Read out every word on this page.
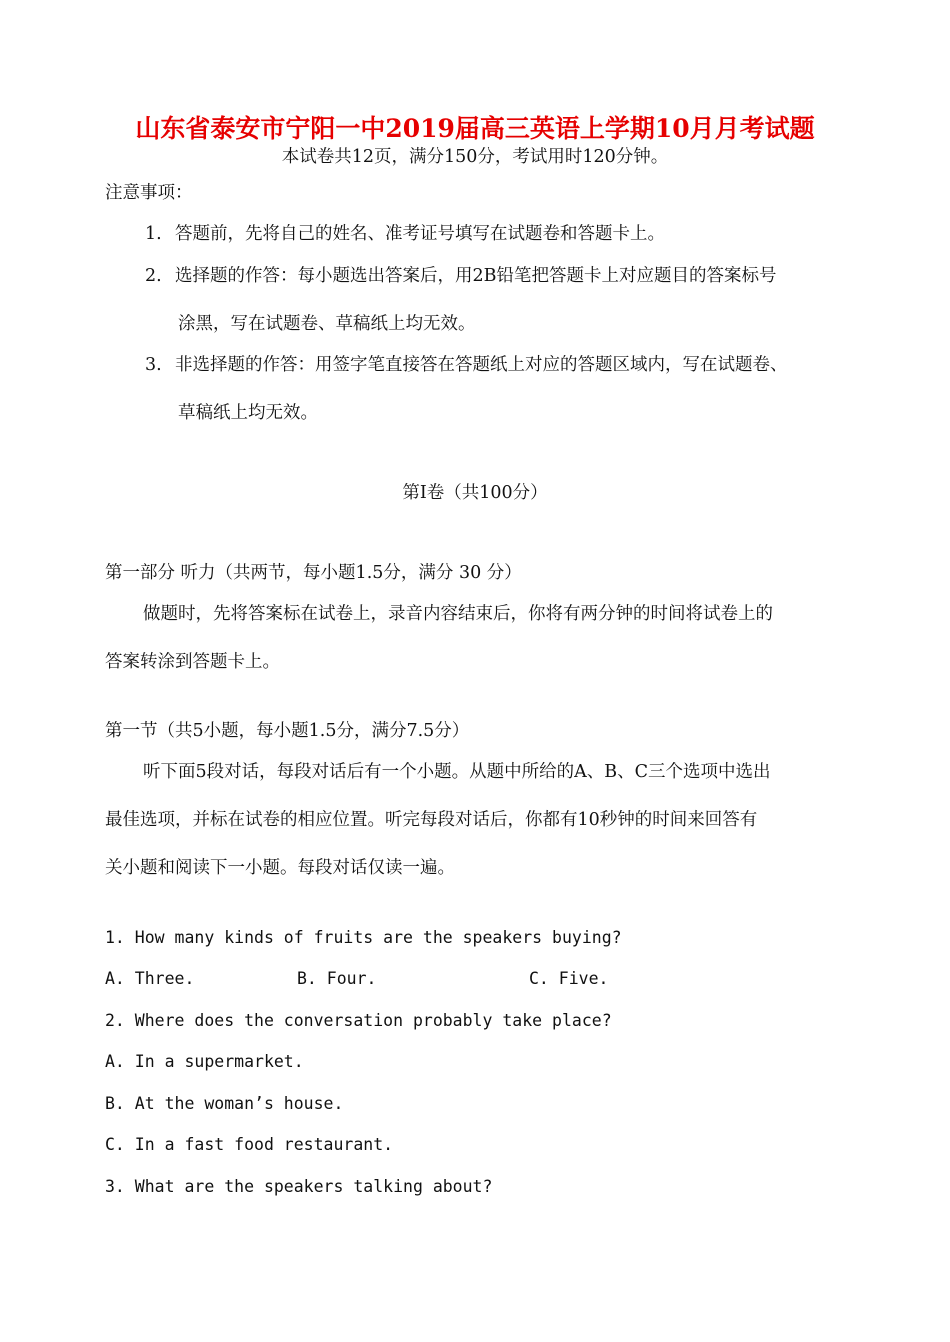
山东省泰安市宁阳一中2019届高三英语上学期10月月考试题
本试卷共12页，满分150分，考试用时120分钟。
注意事项：
1. 答题前，先将自己的姓名、准考证号填写在试题卷和答题卡上。
2. 选择题的作答：每小题选出答案后，用2B铅笔把答题卡上对应题目的答案标号
涂黑，写在试题卷、草稿纸上均无效。
3. 非选择题的作答：用签字笔直接答在答题纸上对应的答题区域内，写在试题卷、
草稿纸上均无效。
第Ⅰ卷（共100分）
第一部分 听力（共两节，每小题1.5分，满分 30 分）
做题时，先将答案标在试卷上，录音内容结束后，你将有两分钟的时间将试卷上的
答案转涂到答题卡上。
第一节（共5小题，每小题1.5分，满分7.5分）
听下面5段对话，每段对话后有一个小题。从题中所给的A、B、C三个选项中选出
最佳选项，并标在试卷的相应位置。听完每段对话后，你都有10秒钟的时间来回答有
关小题和阅读下一小题。每段对话仅读一遍。
1. How many kinds of fruits are the speakers buying?
A. Three.	B. Four.	C. Five.
2. Where does the conversation probably take place?
A. In a supermarket.
B. At the woman’s house.
C. In a fast food restaurant.
3. What are the speakers talking about?
